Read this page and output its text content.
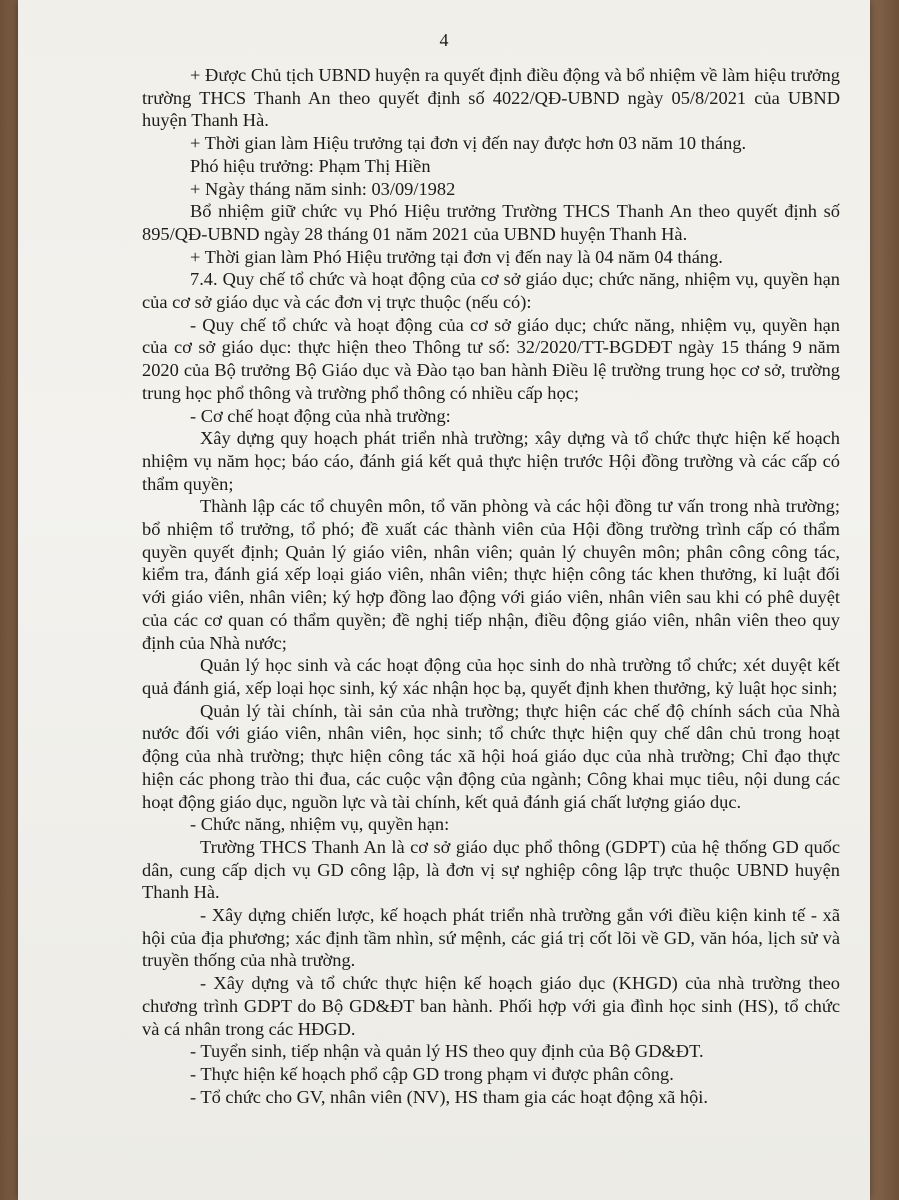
4

+ Được Chủ tịch UBND huyện ra quyết định điều động và bổ nhiệm về làm hiệu trưởng trường THCS Thanh An theo quyết định số 4022/QĐ-UBND ngày 05/8/2021 của UBND huyện Thanh Hà.

+ Thời gian làm Hiệu trưởng tại đơn vị đến nay được hơn 03 năm 10 tháng.

Phó hiệu trưởng: Phạm Thị Hiền

+ Ngày tháng năm sinh: 03/09/1982

Bổ nhiệm giữ chức vụ Phó Hiệu trưởng Trường THCS Thanh An theo quyết định số 895/QĐ-UBND ngày 28 tháng 01 năm 2021 của UBND huyện Thanh Hà.

+ Thời gian làm Phó Hiệu trưởng tại đơn vị đến nay là 04 năm 04 tháng.

7.4. Quy chế tổ chức và hoạt động của cơ sở giáo dục; chức năng, nhiệm vụ, quyền hạn của cơ sở giáo dục và các đơn vị trực thuộc (nếu có):

- Quy chế tổ chức và hoạt động của cơ sở giáo dục; chức năng, nhiệm vụ, quyền hạn của cơ sở giáo dục: thực hiện theo Thông tư số: 32/2020/TT-BGDĐT ngày 15 tháng 9 năm 2020 của Bộ trưởng Bộ Giáo dục và Đào tạo ban hành Điều lệ trường trung học cơ sở, trường trung học phổ thông và trường phổ thông có nhiều cấp học;

- Cơ chế hoạt động của nhà trường:

Xây dựng quy hoạch phát triển nhà trường; xây dựng và tổ chức thực hiện kế hoạch nhiệm vụ năm học; báo cáo, đánh giá kết quả thực hiện trước Hội đồng trường và các cấp có thẩm quyền;

Thành lập các tổ chuyên môn, tổ văn phòng và các hội đồng tư vấn trong nhà trường; bổ nhiệm tổ trưởng, tổ phó; đề xuất các thành viên của Hội đồng trường trình cấp có thẩm quyền quyết định; Quản lý giáo viên, nhân viên; quản lý chuyên môn; phân công công tác, kiểm tra, đánh giá xếp loại giáo viên, nhân viên; thực hiện công tác khen thưởng, kỉ luật đối với giáo viên, nhân viên; ký hợp đồng lao động với giáo viên, nhân viên sau khi có phê duyệt của các cơ quan có thẩm quyền; đề nghị tiếp nhận, điều động giáo viên, nhân viên theo quy định của Nhà nước;

Quản lý học sinh và các hoạt động của học sinh do nhà trường tổ chức; xét duyệt kết quả đánh giá, xếp loại học sinh, ký xác nhận học bạ, quyết định khen thưởng, kỷ luật học sinh;

Quản lý tài chính, tài sản của nhà trường; thực hiện các chế độ chính sách của Nhà nước đối với giáo viên, nhân viên, học sinh; tổ chức thực hiện quy chế dân chủ trong hoạt động của nhà trường; thực hiện công tác xã hội hoá giáo dục của nhà trường; Chỉ đạo thực hiện các phong trào thi đua, các cuộc vận động của ngành; Công khai mục tiêu, nội dung các hoạt động giáo dục, nguồn lực và tài chính, kết quả đánh giá chất lượng giáo dục.

- Chức năng, nhiệm vụ, quyền hạn:

Trường THCS Thanh An là cơ sở giáo dục phổ thông (GDPT) của hệ thống GD quốc dân, cung cấp dịch vụ GD công lập, là đơn vị sự nghiệp công lập trực thuộc UBND huyện Thanh Hà.

- Xây dựng chiến lược, kế hoạch phát triển nhà trường gắn với điều kiện kinh tế - xã hội của địa phương; xác định tầm nhìn, sứ mệnh, các giá trị cốt lõi về GD, văn hóa, lịch sử và truyền thống của nhà trường.

- Xây dựng và tổ chức thực hiện kế hoạch giáo dục (KHGD) của nhà trường theo chương trình GDPT do Bộ GD&ĐT ban hành. Phối hợp với gia đình học sinh (HS), tổ chức và cá nhân trong các HĐGD.

- Tuyển sinh, tiếp nhận và quản lý HS theo quy định của Bộ GD&ĐT.

- Thực hiện kế hoạch phổ cập GD trong phạm vi được phân công.

- Tổ chức cho GV, nhân viên (NV), HS tham gia các hoạt động xã hội.
